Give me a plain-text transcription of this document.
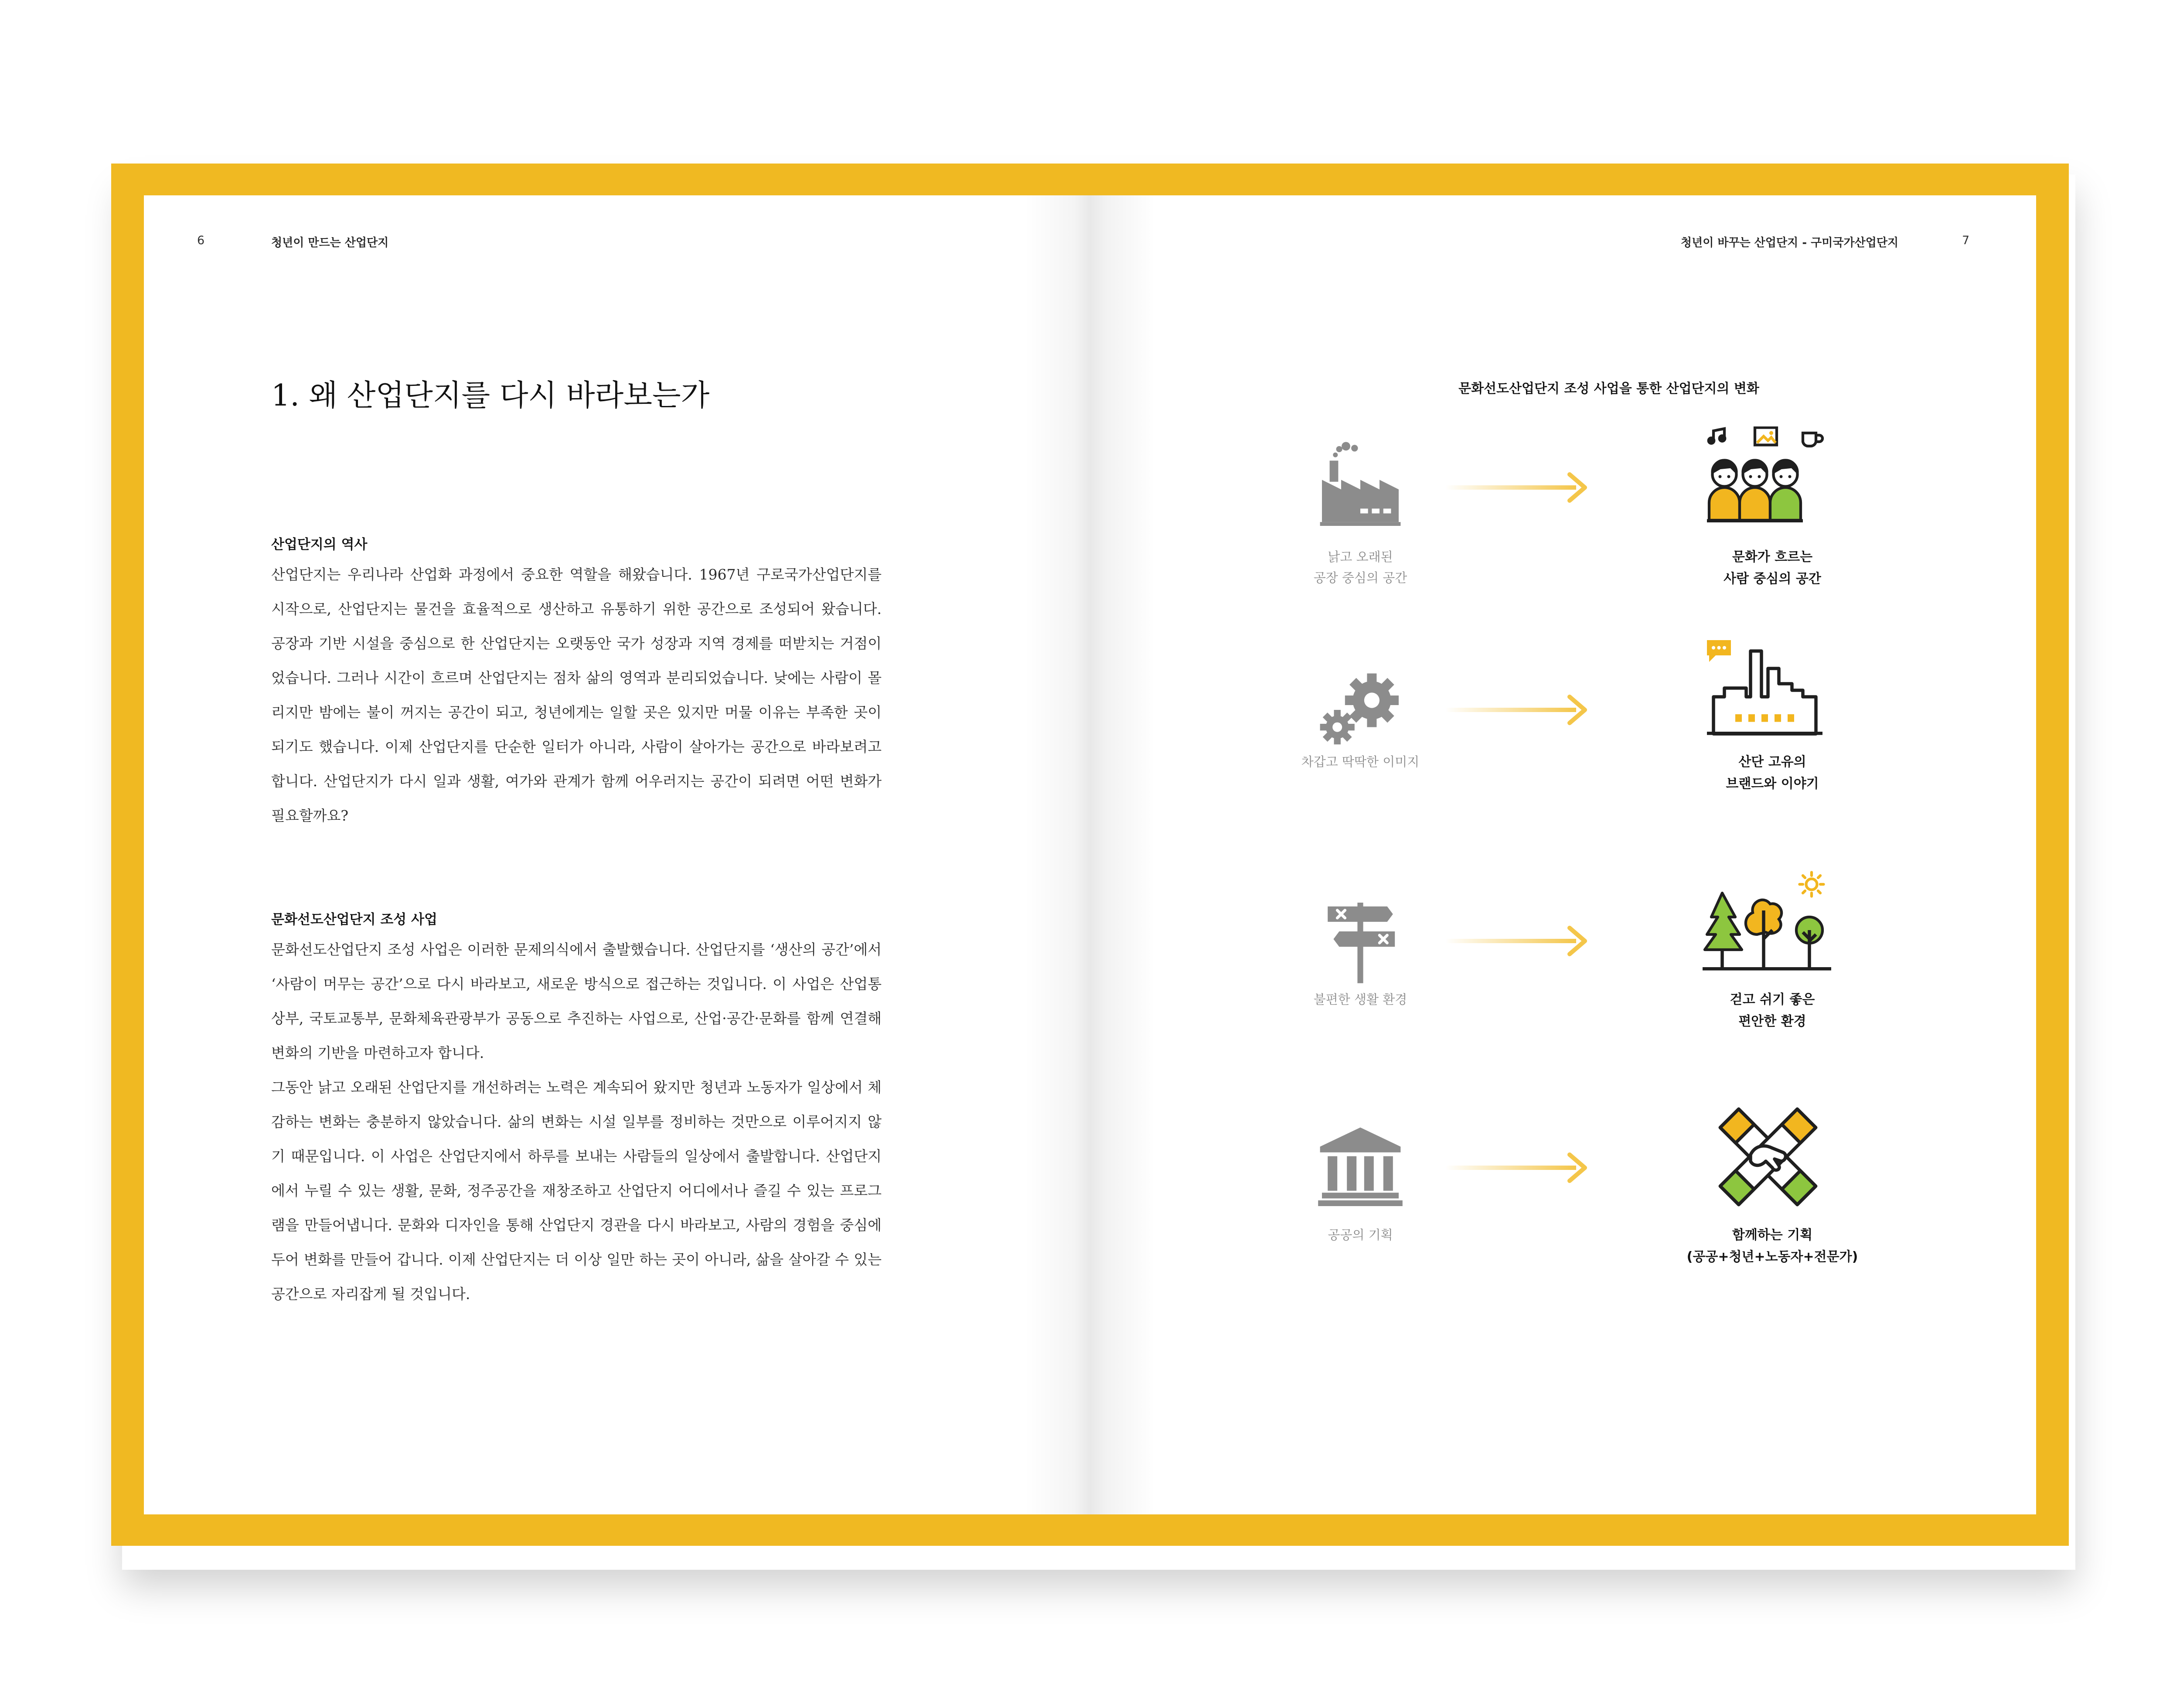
6	청년이 만드는 산업단지
1. 왜 산업단지를 다시 바라보는가
산업단지의 역사

산업단지는 우리나라 산업화 과정에서 중요한 역할을 해왔습니다. 1967년 구로국가산업단지를 시작으로, 산업단지는 물건을 효율적으로 생산하고 유통하기 위한 공간으로 조성되어 왔습니다. 공장과 기반 시설을 중심으로 한 산업단지는 오랫동안 국가 성장과 지역 경제를 떠받치는 거점이었습니다. 그러나 시간이 흐르며 산업단지는 점차 삶의 영역과 분리되었습니다. 낮에는 사람이 몰리지만 밤에는 불이 꺼지는 공간이 되고, 청년에게는 일할 곳은 있지만 머물 이유는 부족한 곳이 되기도 했습니다. 이제 산업단지를 단순한 일터가 아니라, 사람이 살아가는 공간으로 바라보려고 합니다. 산업단지가 다시 일과 생활, 여가와 관계가 함께 어우러지는 공간이 되려면 어떤 변화가 필요할까요?

문화선도산업단지 조성 사업

문화선도산업단지 조성 사업은 이러한 문제의식에서 출발했습니다. 산업단지를 ‘생산의 공간’에서 ‘사람이 머무는 공간’으로 다시 바라보고, 새로운 방식으로 접근하는 것입니다. 이 사업은 산업통상부, 국토교통부, 문화체육관광부가 공동으로 추진하는 사업으로, 산업·공간·문화를 함께 연결해 변화의 기반을 마련하고자 합니다.

그동안 낡고 오래된 산업단지를 개선하려는 노력은 계속되어 왔지만 청년과 노동자가 일상에서 체감하는 변화는 충분하지 않았습니다. 삶의 변화는 시설 일부를 정비하는 것만으로 이루어지지 않기 때문입니다. 이 사업은 산업단지에서 하루를 보내는 사람들의 일상에서 출발합니다. 산업단지에서 누릴 수 있는 생활, 문화, 정주공간을 재창조하고 산업단지 어디에서나 즐길 수 있는 프로그램을 만들어냅니다. 문화와 디자인을 통해 산업단지 경관을 다시 바라보고, 사람의 경험을 중심에 두어 변화를 만들어 갑니다. 이제 산업단지는 더 이상 일만 하는 곳이 아니라, 삶을 살아갈 수 있는 공간으로 자리잡게 될 것입니다.

청년이 바꾸는 산업단지 - 구미국가산업단지	7
문화선도산업단지 조성 사업을 통한 산업단지의 변화
낡고 오래된
공장 중심의 공간
문화가 흐르는
사람 중심의 공간
차갑고 딱딱한 이미지	산단 고유의
브랜드와 이야기
불편한 생활 환경	걷고 쉬기 좋은
편안한 환경
공공의 기획	함께하는 기획
(공공+청년+노동자+전문가)
